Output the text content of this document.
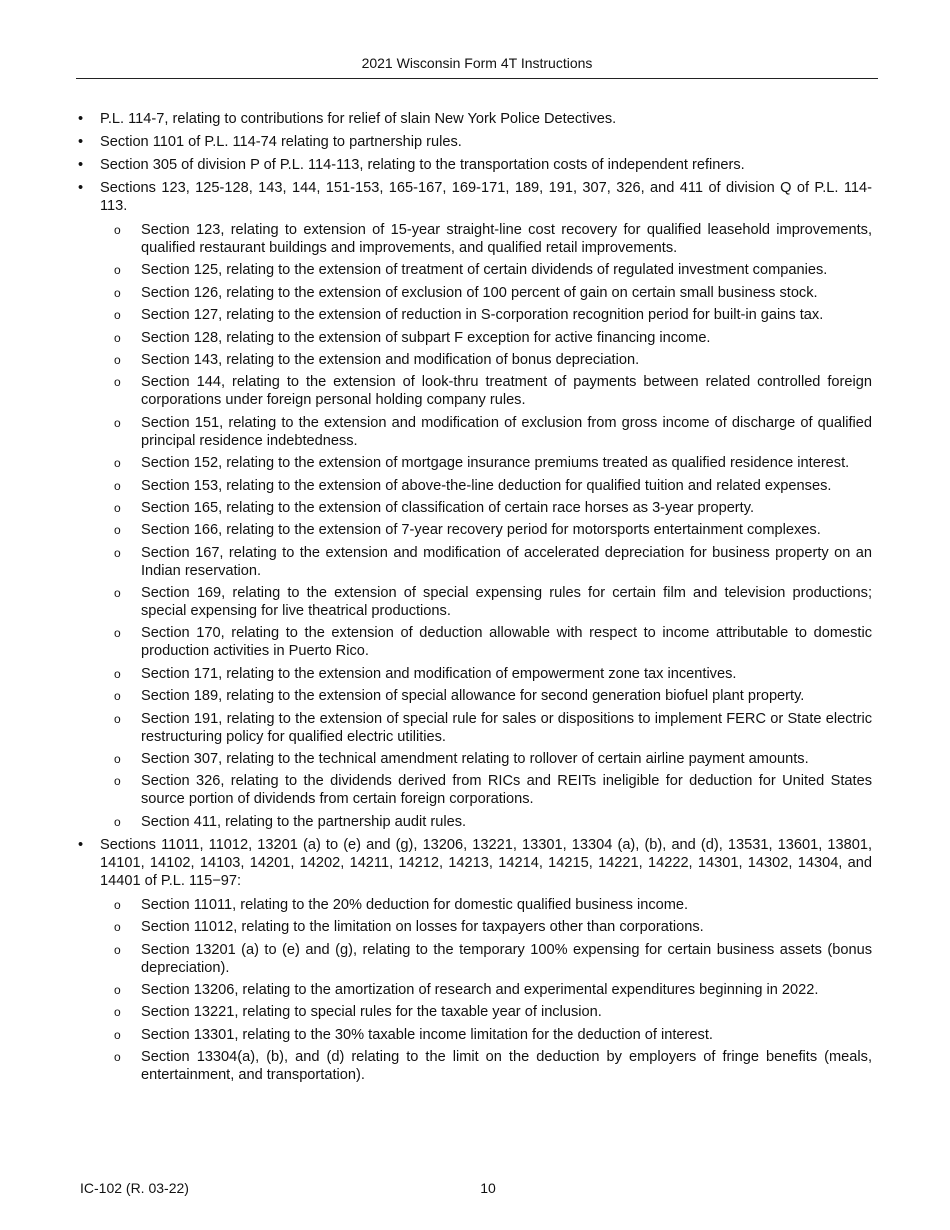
2021 Wisconsin Form 4T Instructions
• P.L. 114-7, relating to contributions for relief of slain New York Police Detectives.
• Section 1101 of P.L. 114-74 relating to partnership rules.
• Section 305 of division P of P.L. 114-113, relating to the transportation costs of independent refiners.
• Sections 123, 125-128, 143, 144, 151-153, 165-167, 169-171, 189, 191, 307, 326, and 411 of division Q of P.L. 114-113.
o Section 123, relating to extension of 15-year straight-line cost recovery for qualified leasehold improvements, qualified restaurant buildings and improvements, and qualified retail improvements.
o Section 125, relating to the extension of treatment of certain dividends of regulated investment companies.
o Section 126, relating to the extension of exclusion of 100 percent of gain on certain small business stock.
o Section 127, relating to the extension of reduction in S-corporation recognition period for built-in gains tax.
o Section 128, relating to the extension of subpart F exception for active financing income.
o Section 143, relating to the extension and modification of bonus depreciation.
o Section 144, relating to the extension of look-thru treatment of payments between related controlled foreign corporations under foreign personal holding company rules.
o Section 151, relating to the extension and modification of exclusion from gross income of discharge of qualified principal residence indebtedness.
o Section 152, relating to the extension of mortgage insurance premiums treated as qualified residence interest.
o Section 153, relating to the extension of above-the-line deduction for qualified tuition and related expenses.
o Section 165, relating to the extension of classification of certain race horses as 3-year property.
o Section 166, relating to the extension of 7-year recovery period for motorsports entertainment complexes.
o Section 167, relating to the extension and modification of accelerated depreciation for business property on an Indian reservation.
o Section 169, relating to the extension of special expensing rules for certain film and television productions; special expensing for live theatrical productions.
o Section 170, relating to the extension of deduction allowable with respect to income attributable to domestic production activities in Puerto Rico.
o Section 171, relating to the extension and modification of empowerment zone tax incentives.
o Section 189, relating to the extension of special allowance for second generation biofuel plant property.
o Section 191, relating to the extension of special rule for sales or dispositions to implement FERC or State electric restructuring policy for qualified electric utilities.
o Section 307, relating to the technical amendment relating to rollover of certain airline payment amounts.
o Section 326, relating to the dividends derived from RICs and REITs ineligible for deduction for United States source portion of dividends from certain foreign corporations.
o Section 411, relating to the partnership audit rules.
• Sections 11011, 11012, 13201 (a) to (e) and (g), 13206, 13221, 13301, 13304 (a), (b), and (d), 13531, 13601, 13801, 14101, 14102, 14103, 14201, 14202, 14211, 14212, 14213, 14214, 14215, 14221, 14222, 14301, 14302, 14304, and 14401 of P.L. 115−97:
o Section 11011, relating to the 20% deduction for domestic qualified business income.
o Section 11012, relating to the limitation on losses for taxpayers other than corporations.
o Section 13201 (a) to (e) and (g), relating to the temporary 100% expensing for certain business assets (bonus depreciation).
o Section 13206, relating to the amortization of research and experimental expenditures beginning in 2022.
o Section 13221, relating to special rules for the taxable year of inclusion.
o Section 13301, relating to the 30% taxable income limitation for the deduction of interest.
o Section 13304(a), (b), and (d) relating to the limit on the deduction by employers of fringe benefits (meals, entertainment, and transportation).
IC-102 (R. 03-22)	10
